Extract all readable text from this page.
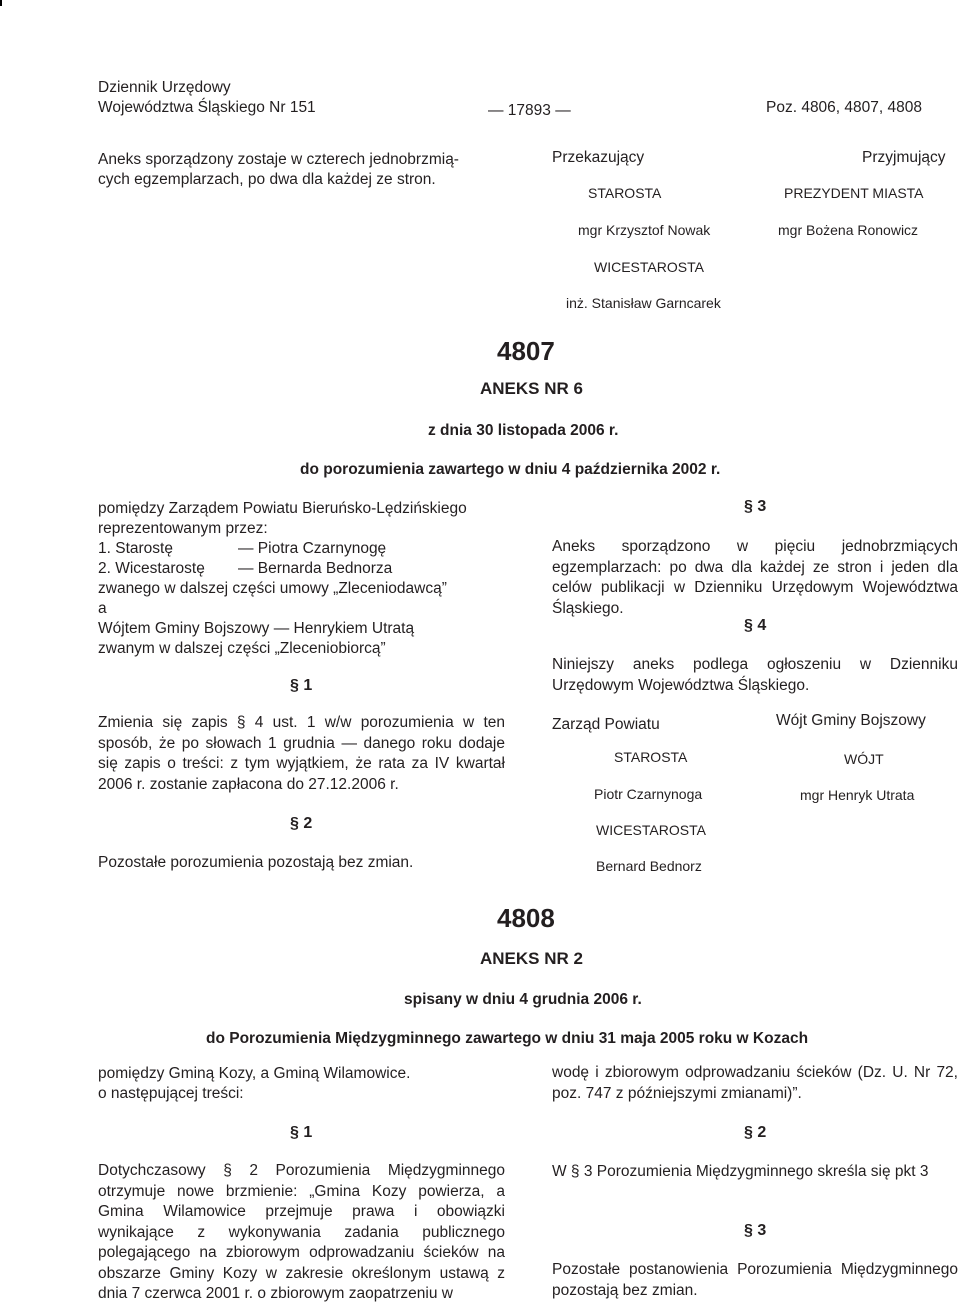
Dziennik Urzędowy
Województwa Śląskiego Nr 151	— 17893 —	Poz. 4806, 4807, 4808
Aneks sporządzony zostaje w czterech jednobrzmią-
cych egzemplarzach, po dwa dla każdej ze stron.
Przekazujący	Przyjmujący
STAROSTA	PREZYDENT MIASTA
mgr Krzysztof Nowak	mgr Bożena Ronowicz
WICESTAROSTA
inż. Stanisław Garncarek
4807
ANEKS NR 6
z dnia 30 listopada 2006 r.
do porozumienia zawartego w dniu 4 października 2002 r.
pomiędzy Zarządem Powiatu Bieruńsko-Lędzińskiego
reprezentowanym przez:
1. Starostę	— Piotra Czarnynogę
2. Wicestarostę — Bernarda Bednorza
zwanego w dalszej części umowy „Zleceniodawcą”
a
Wójtem Gminy Bojszowy — Henrykiem Utratą
zwanym w dalszej części „Zleceniobiorcą”
§ 1
Zmienia się zapis § 4 ust. 1 w/w porozumienia w ten sposób, że po słowach 1 grudnia — danego roku dodaje się zapis o treści: z tym wyjątkiem, że rata za IV kwartał 2006 r. zostanie zapłacona do 27.12.2006 r.
§ 2
Pozostałe porozumienia pozostają bez zmian.
§ 3
Aneks sporządzono w pięciu jednobrzmiących egzemplarzach: po dwa dla każdej ze stron i jeden dla celów publikacji w Dzienniku Urzędowym Województwa Śląskiego.
§ 4
Niniejszy aneks podlega ogłoszeniu w Dzienniku Urzędowym Województwa Śląskiego.
Zarząd Powiatu	Wójt Gminy Bojszowy
STAROSTA	WÓJT
Piotr Czarnynoga	mgr Henryk Utrata
WICESTAROSTA
Bernard Bednorz
4808
ANEKS NR 2
spisany w dniu 4 grudnia 2006 r.
do Porozumienia Międzygminnego zawartego w dniu 31 maja 2005 roku w Kozach
pomiędzy Gminą Kozy, a Gminą Wilamowice.
o następującej treści:
§ 1
Dotychczasowy § 2 Porozumienia Międzygminnego otrzymuje nowe brzmienie: „Gmina Kozy powierza, a Gmina Wilamowice przejmuje prawa i obowiązki wynikające z wykonywania zadania publicznego polegającego na zbiorowym odprowadzaniu ścieków na obszarze Gminy Kozy w zakresie określonym ustawą z dnia 7 czerwca 2001 r. o zbiorowym zaopatrzeniu w
wodę i zbiorowym odprowadzaniu ścieków (Dz. U. Nr 72, poz. 747 z późniejszymi zmianami)”.
§ 2
W § 3 Porozumienia Międzygminnego skreśla się pkt 3
§ 3
Pozostałe postanowienia Porozumienia Międzygminnego pozostają bez zmian.
